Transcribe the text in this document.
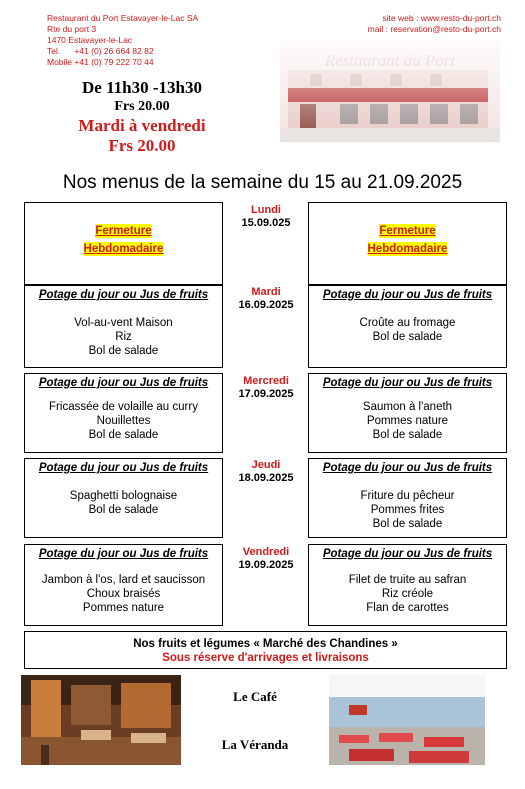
Restaurant du Port Estavayer-le-Lac SA
Rte du port 3
1470 Estavayer-le-Lac
Tel.      +41 (0) 26 664 82 82
Mobile +41 (0) 79 222 70 44
site web : www.resto-du-port.ch
mail : reservation@resto-du-port.ch
De 11h30 -13h30
Frs 20.00
Mardi à vendredi
Frs 20.00
Nos menus de la semaine du 15 au 21.09.2025
Fermeture
Hebdomadaire
Lundi
15.09.025
Fermeture
Hebdomadaire
Potage du jour ou Jus de fruits
Vol-au-vent Maison
Riz
Bol de salade
Mardi
16.09.2025
Potage du jour ou Jus de fruits
Croûte au fromage
Bol de salade
Potage du jour ou Jus de fruits
Fricassée de volaille au curry
Nouillettes
Bol de salade
Mercredi
17.09.2025
Potage du jour ou Jus de fruits
Saumon à l'aneth
Pommes nature
Bol de salade
Potage du jour ou Jus de fruits
Spaghetti bolognaise
Bol de salade
Jeudi
18.09.2025
Potage du jour ou Jus de fruits
Friture du pêcheur
Pommes frites
Bol de salade
Potage du jour ou Jus de fruits
Jambon à l'os, lard et saucisson
Choux braisés
Pommes nature
Vendredi
19.09.2025
Potage du jour ou Jus de fruits
Filet de truite au safran
Riz créole
Flan de carottes
Nos fruits et légumes « Marché des Chandines »
Sous réserve d'arrivages et livraisons
Le Café
La Véranda
